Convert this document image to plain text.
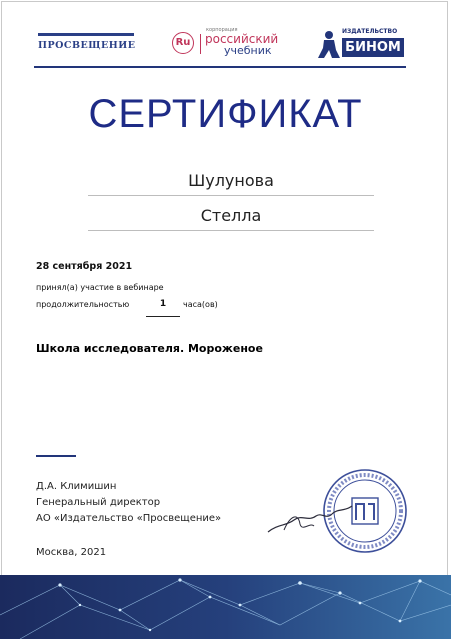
ПРОСВЕЩЕНИЕ	Ru
корпорация
российский
учебник
ИЗДАТЕЛЬСТВО
БИНОМ
СЕРТИФИКАТ
Шулунова
Стелла
28 сентября 2021
принял(а) участие в вебинаре
продолжительностью	1	часа(ов)
Школа исследователя. Мороженое
Д.А. Климишин
Генеральный директор
АО «Издательство «Просвещение»
Москва, 2021
